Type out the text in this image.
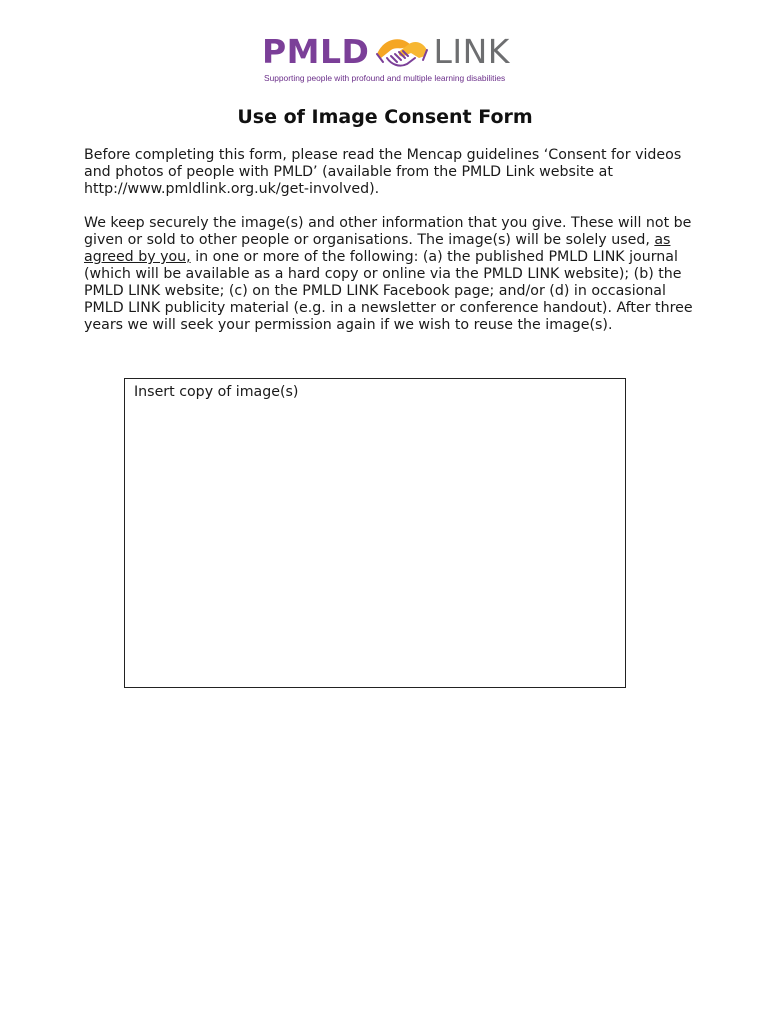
PMLD LINK
Supporting people with profound and multiple learning disabilities
Use of Image Consent Form

Before completing this form, please read the Mencap guidelines ‘Consent for videos and photos of people with PMLD’ (available from the PMLD Link website at http://www.pmldlink.org.uk/get-involved).

We keep securely the image(s) and other information that you give. These will not be given or sold to other people or organisations. The image(s) will be solely used, as agreed by you, in one or more of the following: (a) the published PMLD LINK journal (which will be available as a hard copy or online via the PMLD LINK website); (b) the PMLD LINK website; (c) on the PMLD LINK Facebook page; and/or (d) in occasional PMLD LINK publicity material (e.g. in a newsletter or conference handout). After three years we will seek your permission again if we wish to reuse the image(s).

Insert copy of image(s)
